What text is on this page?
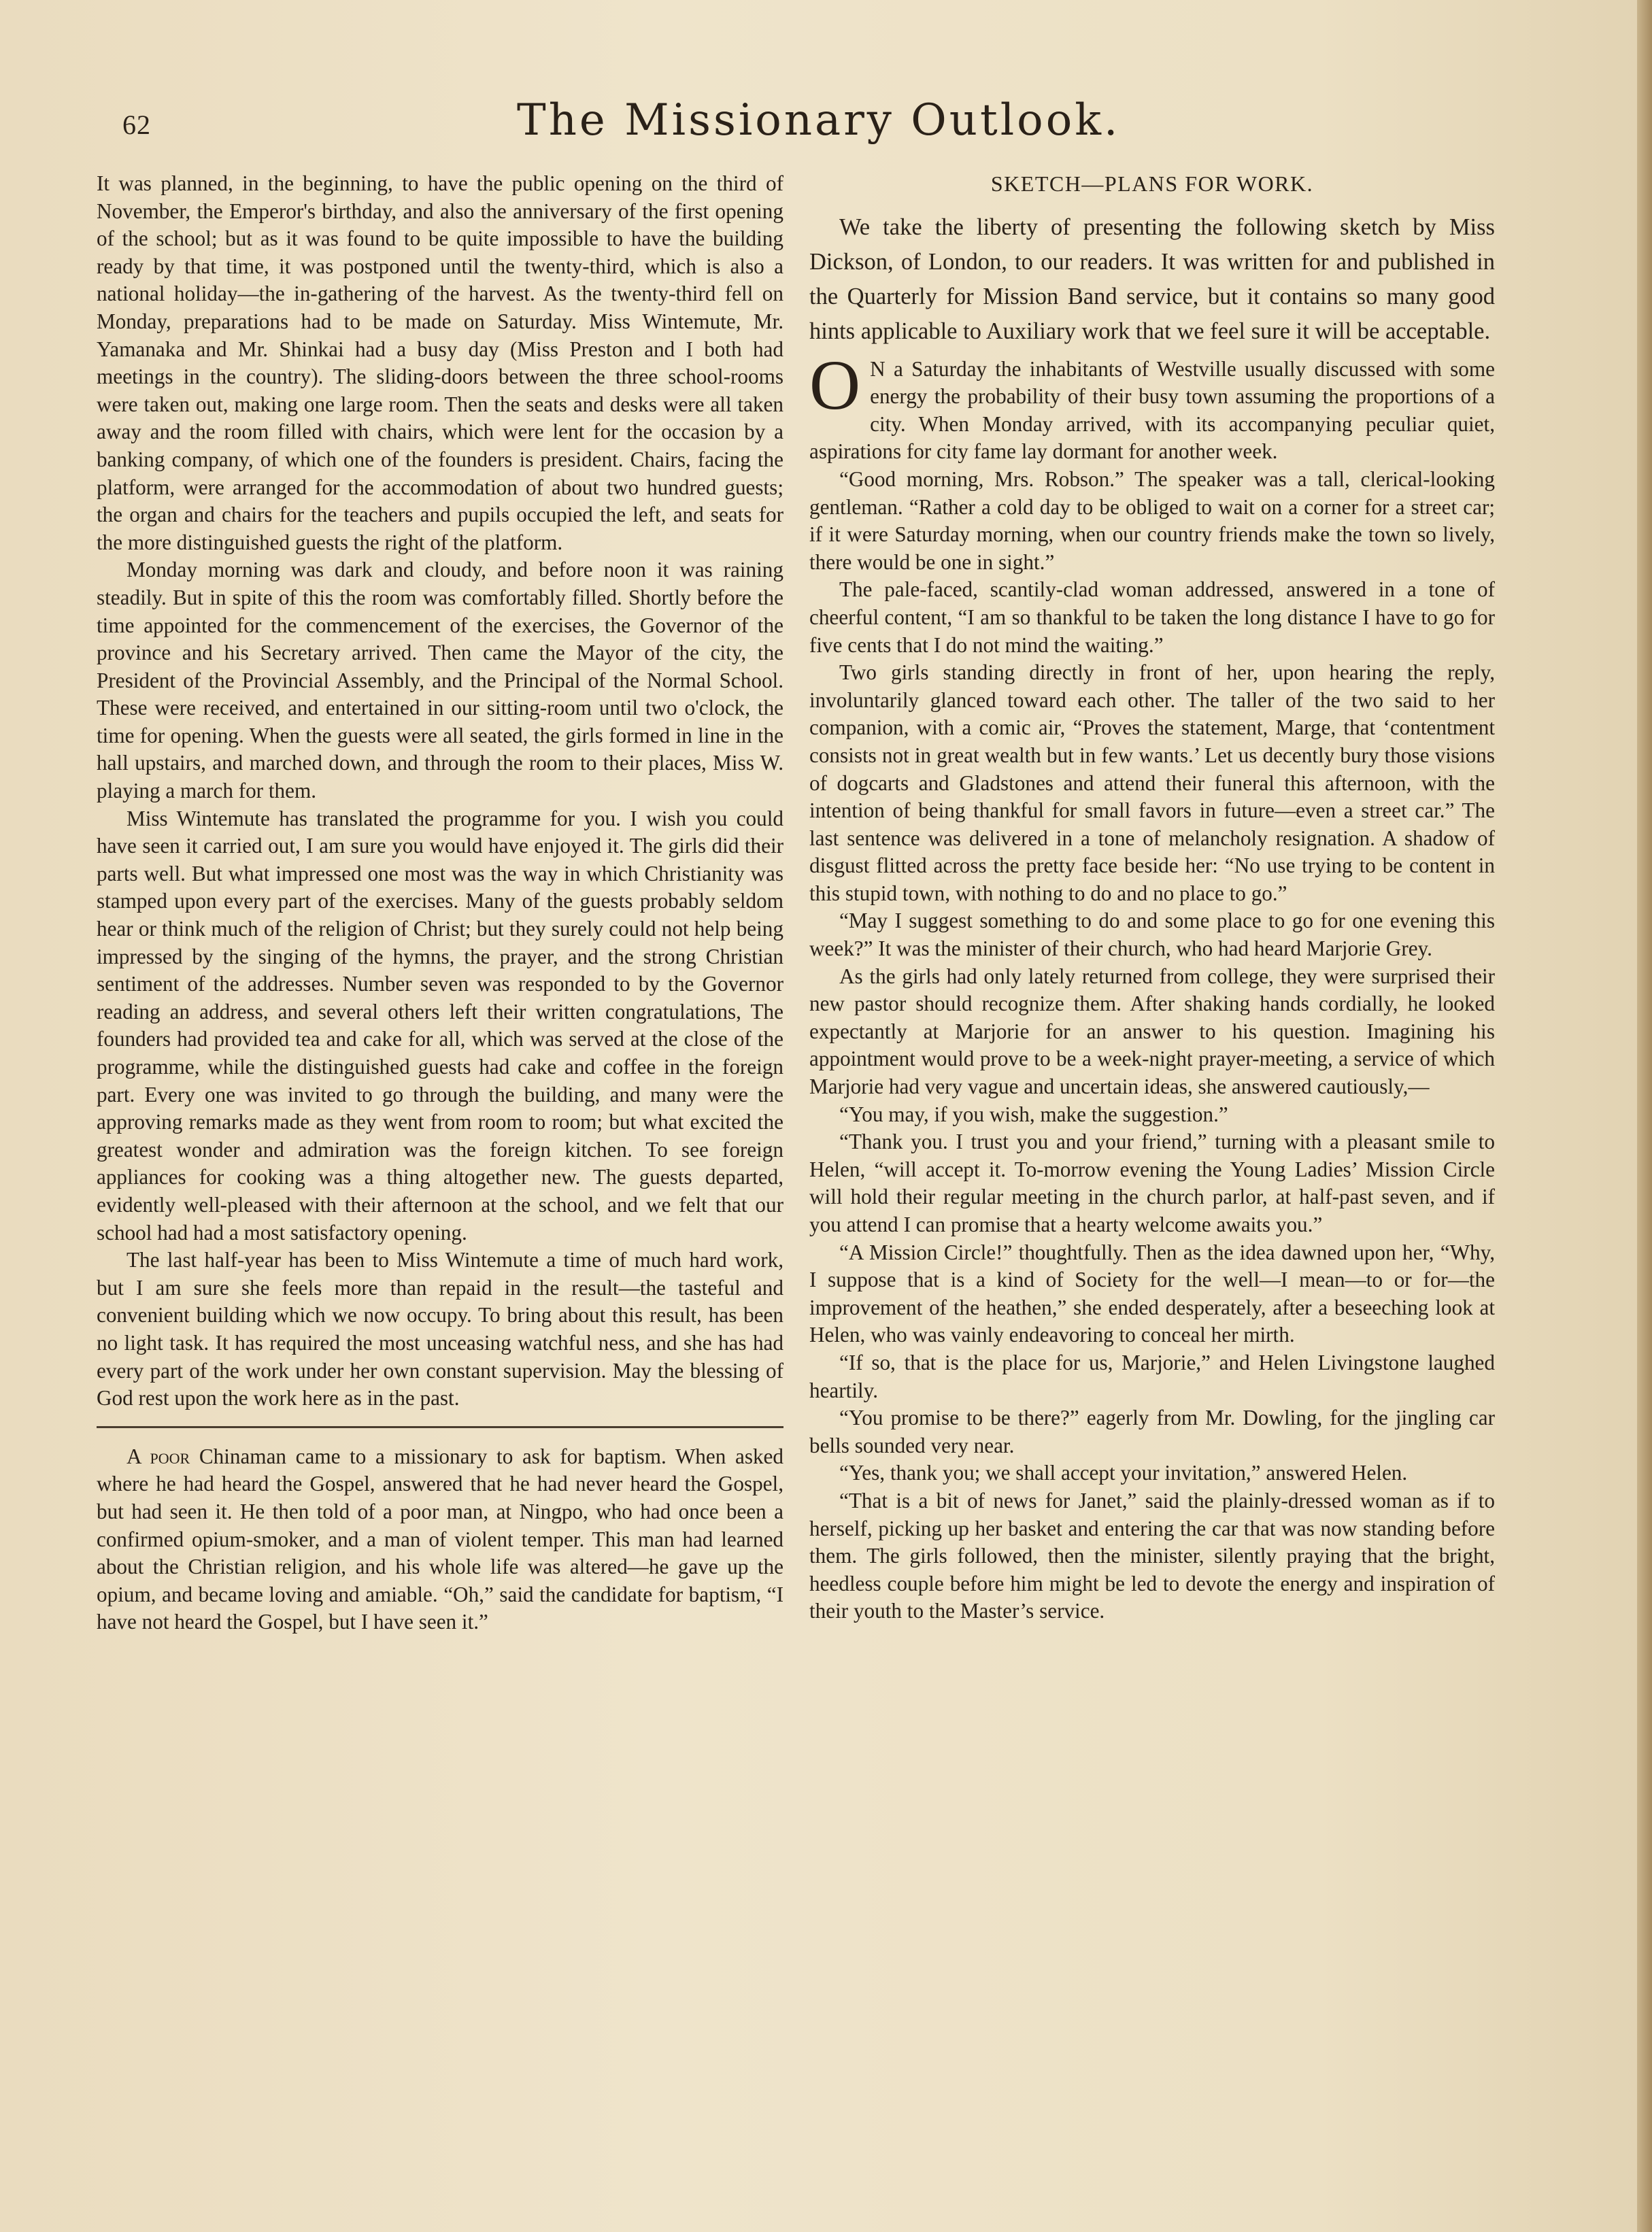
62	The Missionary Outlook.

It was planned, in the beginning, to have the public opening on the third of November, the Emperor's birthday, and also the anniversary of the first opening of the school; but as it was found to be quite impossible to have the building ready by that time, it was postponed until the twenty-third, which is also a national holiday—the in-gathering of the harvest. As the twenty-third fell on Monday, preparations had to be made on Saturday. Miss Wintemute, Mr. Yamanaka and Mr. Shinkai had a busy day (Miss Preston and I both had meetings in the country). The sliding-doors between the three school-rooms were taken out, making one large room. Then the seats and desks were all taken away and the room filled with chairs, which were lent for the occasion by a banking company, of which one of the founders is president. Chairs, facing the platform, were arranged for the accommodation of about two hundred guests; the organ and chairs for the teachers and pupils occupied the left, and seats for the more distinguished guests the right of the platform.

Monday morning was dark and cloudy, and before noon it was raining steadily. But in spite of this the room was comfortably filled. Shortly before the time appointed for the commencement of the exercises, the Governor of the province and his Secretary arrived. Then came the Mayor of the city, the President of the Provincial Assembly, and the Principal of the Normal School. These were received, and entertained in our sitting-room until two o'clock, the time for opening. When the guests were all seated, the girls formed in line in the hall upstairs, and marched down, and through the room to their places, Miss W. playing a march for them.

Miss Wintemute has translated the programme for you. I wish you could have seen it carried out, I am sure you would have enjoyed it. The girls did their parts well. But what impressed one most was the way in which Christianity was stamped upon every part of the exercises. Many of the guests probably seldom hear or think much of the religion of Christ; but they surely could not help being impressed by the singing of the hymns, the prayer, and the strong Christian sentiment of the addresses. Number seven was responded to by the Governor reading an address, and several others left their written congratulations, The founders had provided tea and cake for all, which was served at the close of the programme, while the distinguished guests had cake and coffee in the foreign part. Every one was invited to go through the building, and many were the approving remarks made as they went from room to room; but what excited the greatest wonder and admiration was the foreign kitchen. To see foreign appliances for cooking was a thing altogether new. The guests departed, evidently well-pleased with their afternoon at the school, and we felt that our school had had a most satisfactory opening.

The last half-year has been to Miss Wintemute a time of much hard work, but I am sure she feels more than repaid in the result—the tasteful and convenient building which we now occupy. To bring about this result, has been no light task. It has required the most unceasing watchful ness, and she has had every part of the work under her own constant supervision. May the blessing of God rest upon the work here as in the past.

A poor Chinaman came to a missionary to ask for baptism. When asked where he had heard the Gospel, answered that he had never heard the Gospel, but had seen it. He then told of a poor man, at Ningpo, who had once been a confirmed opium-smoker, and a man of violent temper. This man had learned about the Christian religion, and his whole life was altered—he gave up the opium, and became loving and amiable. “Oh,” said the candidate for baptism, “I have not heard the Gospel, but I have seen it.”

SKETCH—PLANS FOR WORK.

We take the liberty of presenting the following sketch by Miss Dickson, of London, to our readers. It was written for and published in the Quarterly for Mission Band service, but it contains so many good hints applicable to Auxiliary work that we feel sure it will be acceptable.

O N a Saturday the inhabitants of Westville usually discussed with some energy the probability of their busy town assuming the proportions of a city. When Monday arrived, with its accompanying peculiar quiet, aspirations for city fame lay dormant for another week.

“Good morning, Mrs. Robson.” The speaker was a tall, clerical-looking gentleman. “Rather a cold day to be obliged to wait on a corner for a street car; if it were Saturday morning, when our country friends make the town so lively, there would be one in sight.”

The pale-faced, scantily-clad woman addressed, answered in a tone of cheerful content, “I am so thankful to be taken the long distance I have to go for five cents that I do not mind the waiting.”

Two girls standing directly in front of her, upon hearing the reply, involuntarily glanced toward each other. The taller of the two said to her companion, with a comic air, “Proves the statement, Marge, that ‘contentment consists not in great wealth but in few wants.’ Let us decently bury those visions of dogcarts and Gladstones and attend their funeral this afternoon, with the intention of being thankful for small favors in future—even a street car.” The last sentence was delivered in a tone of melancholy resignation. A shadow of disgust flitted across the pretty face beside her: “No use trying to be content in this stupid town, with nothing to do and no place to go.”

“May I suggest something to do and some place to go for one evening this week?” It was the minister of their church, who had heard Marjorie Grey.

As the girls had only lately returned from college, they were surprised their new pastor should recognize them. After shaking hands cordially, he looked expectantly at Marjorie for an answer to his question. Imagining his appointment would prove to be a week-night prayer-meeting, a service of which Marjorie had very vague and uncertain ideas, she answered cautiously,—

“You may, if you wish, make the suggestion.”

“Thank you. I trust you and your friend,” turning with a pleasant smile to Helen, “will accept it. To-morrow evening the Young Ladies’ Mission Circle will hold their regular meeting in the church parlor, at half-past seven, and if you attend I can promise that a hearty welcome awaits you.”

“A Mission Circle!” thoughtfully. Then as the idea dawned upon her, “Why, I suppose that is a kind of Society for the well—I mean—to or for—the improvement of the heathen,” she ended desperately, after a beseeching look at Helen, who was vainly endeavoring to conceal her mirth.

“If so, that is the place for us, Marjorie,” and Helen Livingstone laughed heartily.

“You promise to be there?” eagerly from Mr. Dowling, for the jingling car bells sounded very near.

“Yes, thank you; we shall accept your invitation,” answered Helen.

“That is a bit of news for Janet,” said the plainly-dressed woman as if to herself, picking up her basket and entering the car that was now standing before them. The girls followed, then the minister, silently praying that the bright, heedless couple before him might be led to devote the energy and inspiration of their youth to the Master’s service.
